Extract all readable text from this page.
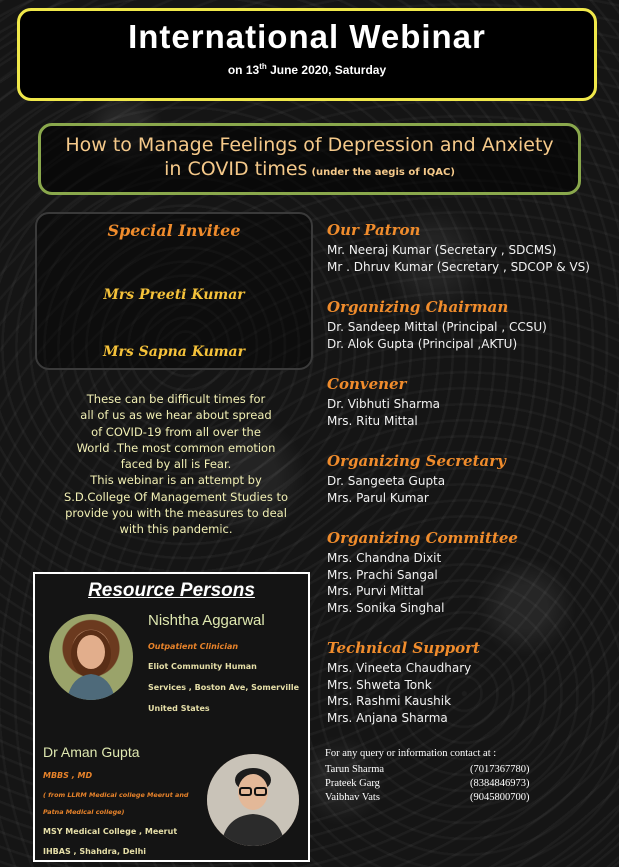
International Webinar
on 13th June 2020, Saturday
How to Manage Feelings of Depression and Anxiety
in COVID times (under the aegis of IQAC)
Special Invitee
Mrs Preeti Kumar
Mrs Sapna Kumar
These can be difficult times for
all of us as we hear about spread
of COVID-19 from all over the
World .The most common emotion
faced by all is Fear.
This webinar is an attempt by
S.D.College Of Management Studies to
provide you with the measures to deal
with this pandemic.
Resource Persons
Nishtha Aggarwal
Outpatient Clinician
Eliot Community Human
Services , Boston Ave, Somerville
United States
Dr Aman Gupta
MBBS , MD
( from LLRM Medical college Meerut and
Patna Medical college)
MSY Medical College , Meerut
IHBAS , Shahdra, Delhi
Our Patron
Mr. Neeraj Kumar (Secretary , SDCMS)
Mr . Dhruv Kumar (Secretary , SDCOP & VS)
Organizing Chairman
Dr. Sandeep Mittal (Principal , CCSU)
Dr. Alok Gupta (Principal ,AKTU)
Convener
Dr. Vibhuti Sharma
Mrs. Ritu Mittal
Organizing Secretary
Dr. Sangeeta Gupta
Mrs. Parul Kumar
Organizing Committee
Mrs. Chandna Dixit
Mrs. Prachi Sangal
Mrs. Purvi Mittal
Mrs. Sonika Singhal
Technical Support
Mrs. Vineeta Chaudhary
Mrs. Shweta Tonk
Mrs. Rashmi Kaushik
Mrs. Anjana Sharma
For any query or information contact at :
Tarun Sharma	(7017367780)
Prateek Garg	(8384846973)
Vaibhav Vats	(9045800700)
